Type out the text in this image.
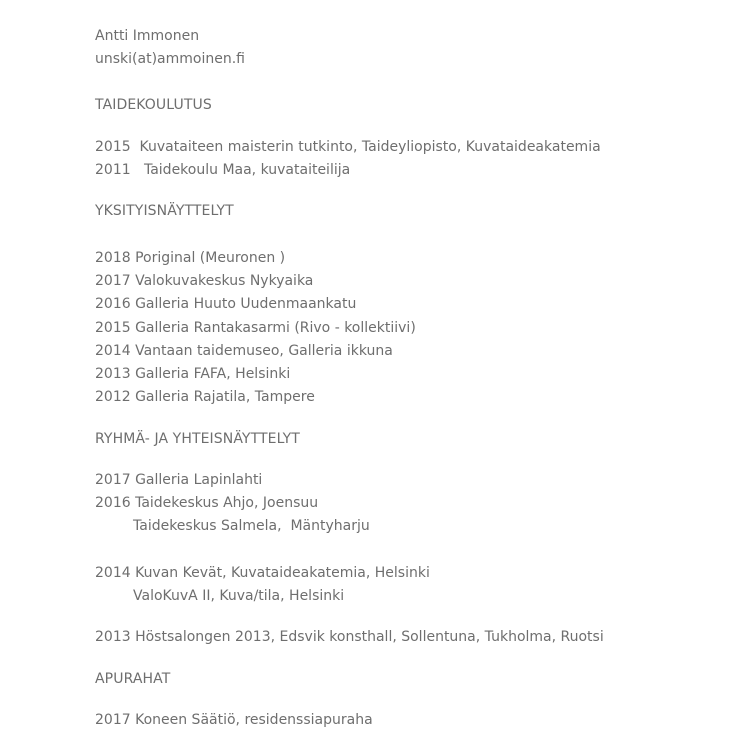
Antti Immonen
unski(at)ammoinen.fi
TAIDEKOULUTUS
2015  Kuvataiteen maisterin tutkinto, Taideyliopisto, Kuvataideakatemia
2011   Taidekoulu Maa, kuvataiteilija
YKSITYISNÄYTTELYT
2018 Poriginal (Meuronen )
2017 Valokuvakeskus Nykyaika
2016 Galleria Huuto Uudenmaankatu
2015 Galleria Rantakasarmi (Rivo - kollektiivi)
2014 Vantaan taidemuseo, Galleria ikkuna
2013 Galleria FAFA, Helsinki
2012 Galleria Rajatila, Tampere
RYHMÄ- JA YHTEISNÄYTTELYT
2017 Galleria Lapinlahti
2016 Taidekeskus Ahjo, Joensuu
Taidekeskus Salmela,  Mäntyharju
2014 Kuvan Kevät, Kuvataideakatemia, Helsinki
ValoKuvA II, Kuva/tila, Helsinki
2013 Höstsalongen 2013, Edsvik konsthall, Sollentuna, Tukholma, Ruotsi
APURAHAT
2017 Koneen Säätiö, residenssiapuraha
